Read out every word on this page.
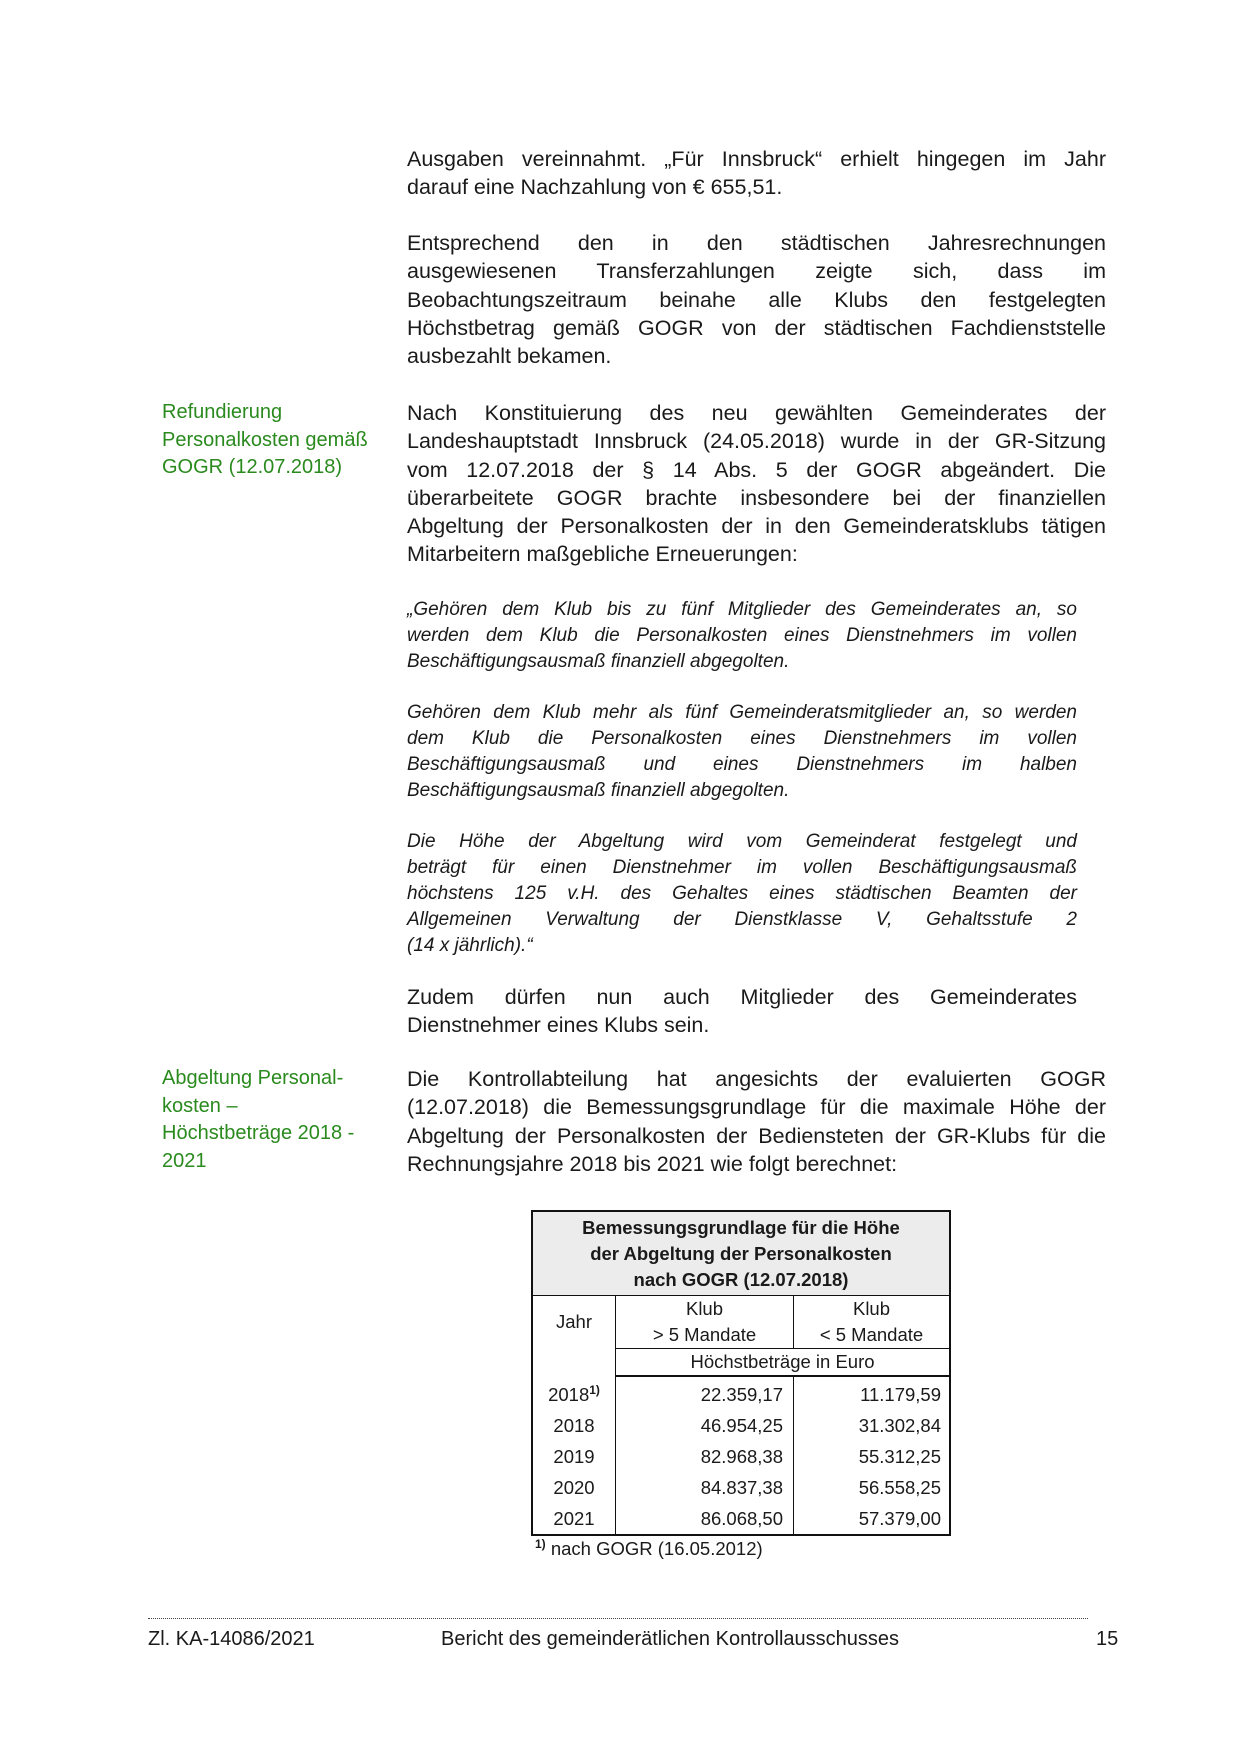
Ausgaben vereinnahmt. „Für Innsbruck“ erhielt hingegen im Jahr
darauf eine Nachzahlung von € 655,51.
Entsprechend den in den städtischen Jahresrechnungen
ausgewiesenen Transferzahlungen zeigte sich, dass im
Beobachtungszeitraum beinahe alle Klubs den festgelegten
Höchstbetrag gemäß GOGR von der städtischen Fachdienststelle
ausbezahlt bekamen.
Refundierung
Personalkosten gemäß
GOGR (12.07.2018)
Nach Konstituierung des neu gewählten Gemeinderates der
Landeshauptstadt Innsbruck (24.05.2018) wurde in der GR-Sitzung
vom 12.07.2018 der § 14 Abs. 5 der GOGR abgeändert. Die
überarbeitete GOGR brachte insbesondere bei der finanziellen
Abgeltung der Personalkosten der in den Gemeinderatsklubs tätigen
Mitarbeitern maßgebliche Erneuerungen:
„Gehören dem Klub bis zu fünf Mitglieder des Gemeinderates an, so
werden dem Klub die Personalkosten eines Dienstnehmers im vollen
Beschäftigungsausmaß finanziell abgegolten.
Gehören dem Klub mehr als fünf Gemeinderatsmitglieder an, so werden
dem Klub die Personalkosten eines Dienstnehmers im vollen
Beschäftigungsausmaß und eines Dienstnehmers im halben
Beschäftigungsausmaß finanziell abgegolten.
Die Höhe der Abgeltung wird vom Gemeinderat festgelegt und
beträgt für einen Dienstnehmer im vollen Beschäftigungsausmaß
höchstens 125 v.H. des Gehaltes eines städtischen Beamten der
Allgemeinen Verwaltung der Dienstklasse V, Gehaltsstufe 2
(14 x jährlich).“
Zudem dürfen nun auch Mitglieder des Gemeinderates
Dienstnehmer eines Klubs sein.
Abgeltung Personal-
kosten –
Höchstbeträge 2018 -
2021
Die Kontrollabteilung hat angesichts der evaluierten GOGR
(12.07.2018) die Bemessungsgrundlage für die maximale Höhe der
Abgeltung der Personalkosten der Bediensteten der GR-Klubs für die
Rechnungsjahre 2018 bis 2021 wie folgt berechnet:
Bemessungsgrundlage für die Höhe
der Abgeltung der Personalkosten
nach GOGR (12.07.2018)		

Jahr	Klub	Klub
	> 5 Mandate	< 5 Mandate
	Höchstbeträge in Euro	
2018$^{1)}$	22.359,17	11.179,59
2018	46.954,25	31.302,84
2019	82.968,38	55.312,25
2020	84.837,38	56.558,25
2021	86.068,50	57.379,00
$^{1)}$ nach GOGR (16.05.2012)
Zl. KA-14086/2021	Bericht des gemeinderätlichen Kontrollausschusses	15
